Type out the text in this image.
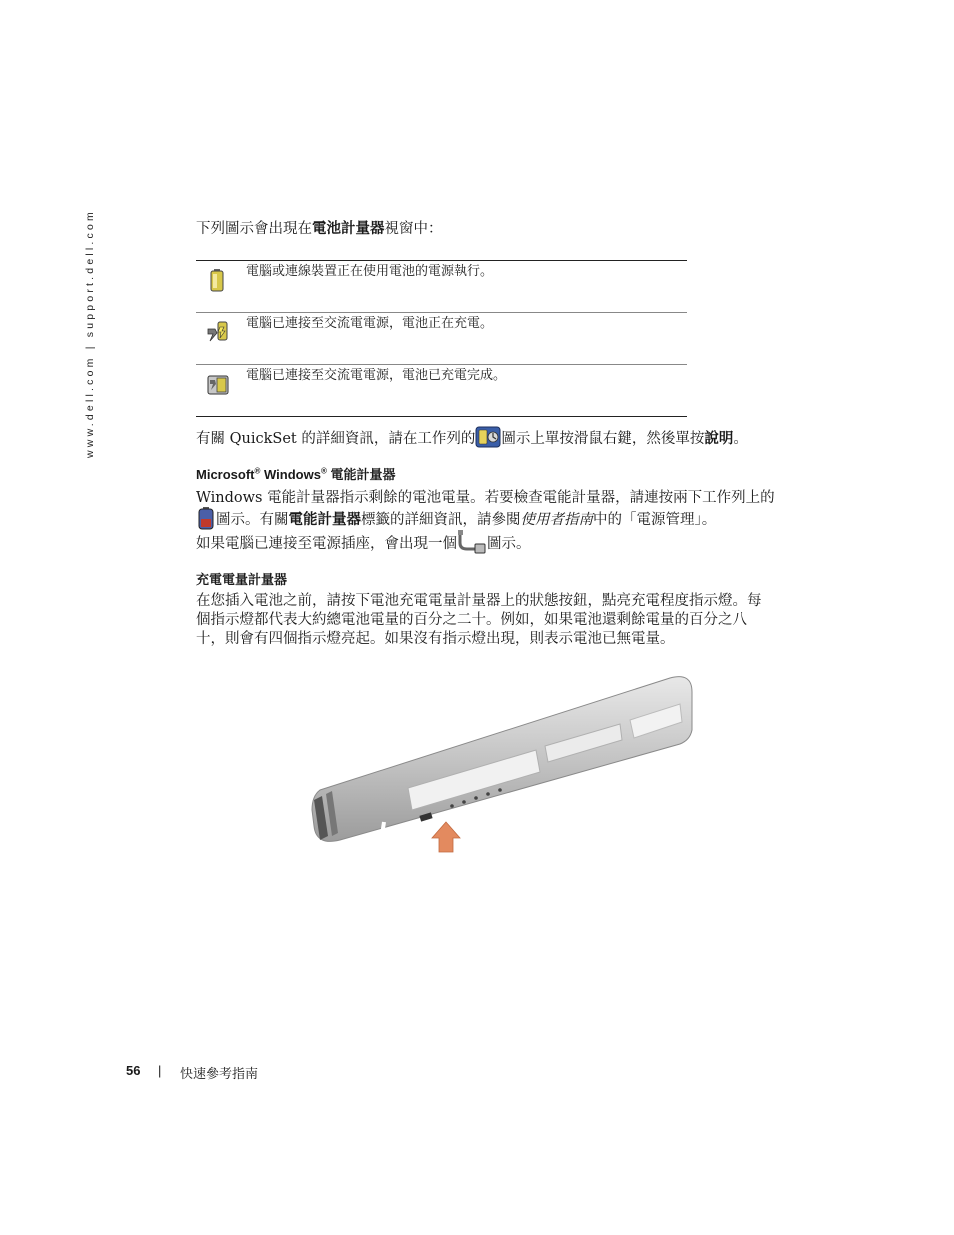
www.dell.com | support.dell.com	下列圖示會出現在電池計量器視窗中：
電腦或連線裝置正在使用電池的電源執行。
電腦已連接至交流電電源，電池正在充電。
電腦已連接至交流電電源，電池已充電完成。
有關 QuickSet 的詳細資訊，請在工作列的 圖示上單按滑鼠右鍵，然後單按說明。
Microsoft® Windows® 電能計量器
Windows 電能計量器指示剩餘的電池電量。若要檢查電能計量器，請連按兩下工作列上的
圖示。有關電能計量器標籤的詳細資訊，請參閱使用者指南中的「電源管理」。
如果電腦已連接至電源插座，會出現一個 圖示。
充電電量計量器
在您插入電池之前，請按下電池充電電量計量器上的狀態按鈕，點亮充電程度指示燈。每
個指示燈都代表大約總電池電量的百分之二十。例如，如果電池還剩餘電量的百分之八
十，則會有四個指示燈亮起。如果沒有指示燈出現，則表示電池已無電量。
56 | 快速參考指南
